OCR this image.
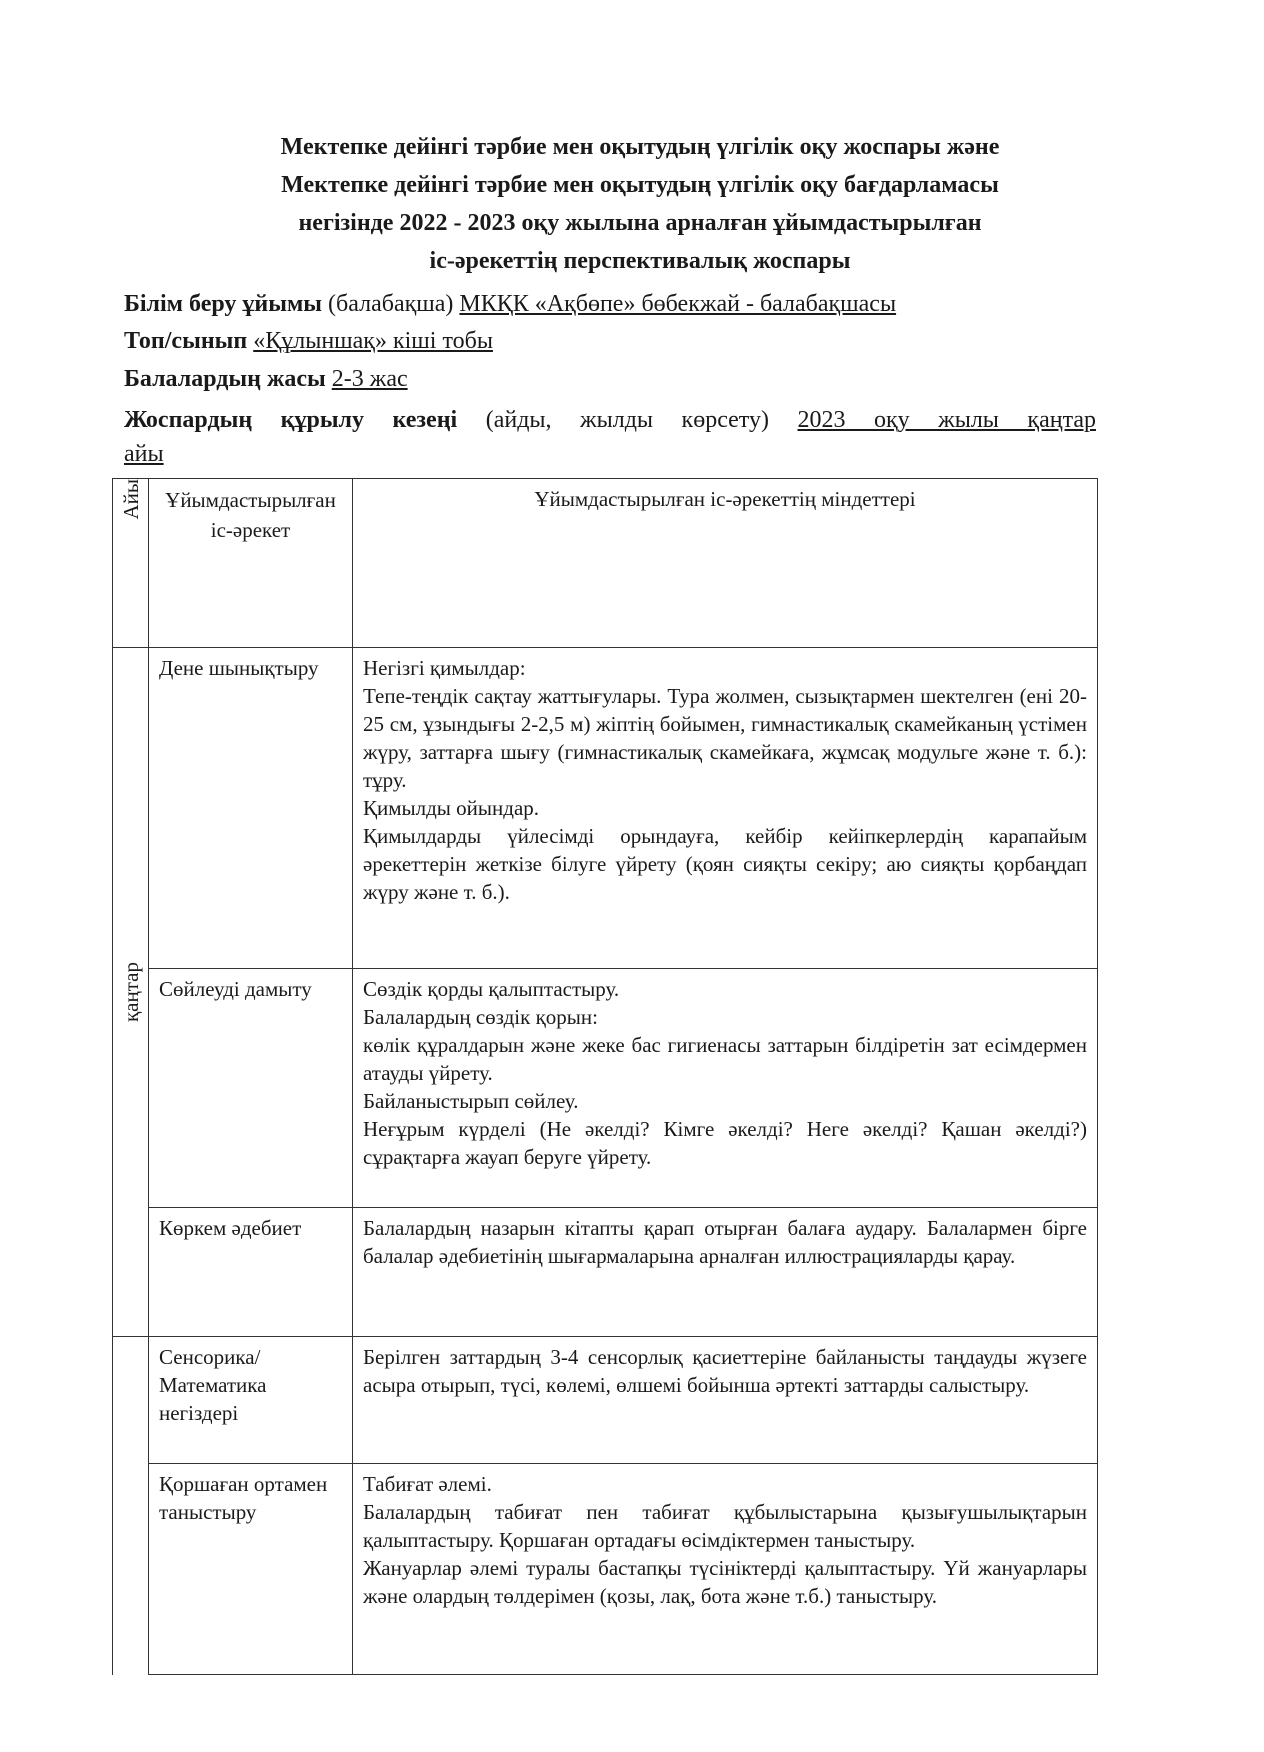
Мектепке дейінгі тәрбие мен оқытудың үлгілік оқу жоспары және
Мектепке дейінгі тәрбие мен оқытудың үлгілік оқу бағдарламасы
негізінде 2022 - 2023 оқу жылына арналған ұйымдастырылған
іс-әрекеттің перспективалық жоспары
Білім беру ұйымы (балабақша) МКҚК «Ақбөпе» бөбекжай - балабақшасы
Топ/сынып «Құлыншақ» кіші тобы
Балалардың жасы 2-3 жас
Жоспардың құрылу кезеңі (айды, жылды көрсету) 2023 оқу жылы қаңтар
айы
Айы	Ұйымдастырылған іс-әрекет	Ұйымдастырылған іс-әрекеттің міндеттері

қаңтар	Дене шынықтыру	Негізгі қимылдар:
Тепе-теңдік сақтау жаттығулары. Тура жолмен, сызықтармен шектелген (ені 20-25 см, ұзындығы 2-2,5 м) жіптің бойымен, гимнастикалық скамейканың үстімен жүру, заттарға шығу (гимнастикалық скамейкаға, жұмсақ модульге және т. б.): тұру.
Қимылды ойындар.
Қимылдарды үйлесімді орындауға, кейбір кейіпкерлердің карапайым әрекеттерін жеткізе білуге үйрету (қоян сияқты секіру; аю сияқты қорбаңдап жүру және т. б.).

	Сөйлеуді дамыту	Сөздік қорды қалыптастыру.
Балалардың сөздік қорын:
көлік құралдарын және жеке бас гигиенасы заттарын білдіретін зат есімдермен атауды үйрету.
Байланыстырып сөйлеу.
Неғұрым күрделі (Не әкелді? Кімге әкелді? Неге әкелді? Қашан әкелді?) сұрақтарға жауап беруге үйрету.

	Көркем әдебиет	Балалардың назарын кітапты қарап отырған балаға аудару. Балалармен бірге балалар әдебиетінің шығармаларына арналған иллюстрацияларды қарау.

	Сенсорика/ Математика негіздері	Берілген заттардың 3-4 сенсорлық қасиеттеріне байланысты таңдауды жүзеге асыра отырып, түсі, көлемі, өлшемі бойынша әртекті заттарды салыстыру.

	Қоршаған ортамен таныстыру	Табиғат әлемі.
Балалардың табиғат пен табиғат құбылыстарына қызығушылықтарын қалыптастыру. Қоршаған ортадағы өсімдіктермен таныстыру.
Жануарлар әлемі туралы бастапқы түсініктерді қалыптастыру. Үй жануарлары және олардың төлдерімен (қозы, лақ, бота және т.б.) таныстыру.
